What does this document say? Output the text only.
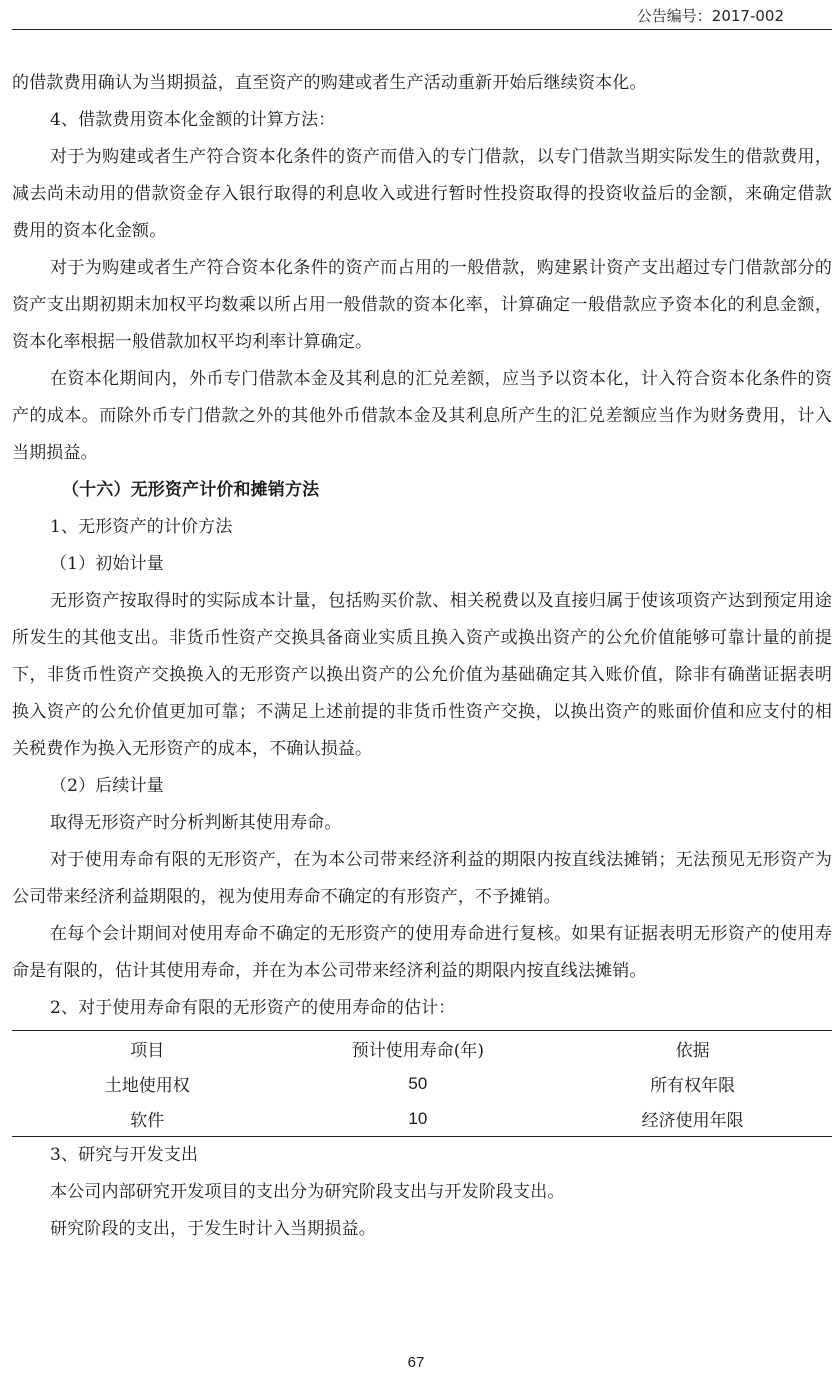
公告编号：2017-002

的借款费用确认为当期损益，直至资产的购建或者生产活动重新开始后继续资本化。

4、借款费用资本化金额的计算方法：

对于为购建或者生产符合资本化条件的资产而借入的专门借款，以专门借款当期实际发生的借款费用，减去尚未动用的借款资金存入银行取得的利息收入或进行暂时性投资取得的投资收益后的金额，来确定借款费用的资本化金额。

对于为购建或者生产符合资本化条件的资产而占用的一般借款，购建累计资产支出超过专门借款部分的资产支出期初期末加权平均数乘以所占用一般借款的资本化率，计算确定一般借款应予资本化的利息金额，资本化率根据一般借款加权平均利率计算确定。

在资本化期间内，外币专门借款本金及其利息的汇兑差额，应当予以资本化，计入符合资本化条件的资产的成本。而除外币专门借款之外的其他外币借款本金及其利息所产生的汇兑差额应当作为财务费用，计入当期损益。

（十六）无形资产计价和摊销方法

1、无形资产的计价方法

（1）初始计量

无形资产按取得时的实际成本计量，包括购买价款、相关税费以及直接归属于使该项资产达到预定用途所发生的其他支出。非货币性资产交换具备商业实质且换入资产或换出资产的公允价值能够可靠计量的前提下，非货币性资产交换换入的无形资产以换出资产的公允价值为基础确定其入账价值，除非有确凿证据表明换入资产的公允价值更加可靠；不满足上述前提的非货币性资产交换，以换出资产的账面价值和应支付的相关税费作为换入无形资产的成本，不确认损益。

（2）后续计量

取得无形资产时分析判断其使用寿命。

对于使用寿命有限的无形资产，在为本公司带来经济利益的期限内按直线法摊销；无法预见无形资产为公司带来经济利益期限的，视为使用寿命不确定的有形资产，不予摊销。

在每个会计期间对使用寿命不确定的无形资产的使用寿命进行复核。如果有证据表明无形资产的使用寿命是有限的，估计其使用寿命，并在为本公司带来经济利益的期限内按直线法摊销。

2、对于使用寿命有限的无形资产的使用寿命的估计：

项目	预计使用寿命(年)	依据
土地使用权	50	所有权年限
软件	10	经济使用年限

3、研究与开发支出

本公司内部研究开发项目的支出分为研究阶段支出与开发阶段支出。

研究阶段的支出，于发生时计入当期损益。

67
